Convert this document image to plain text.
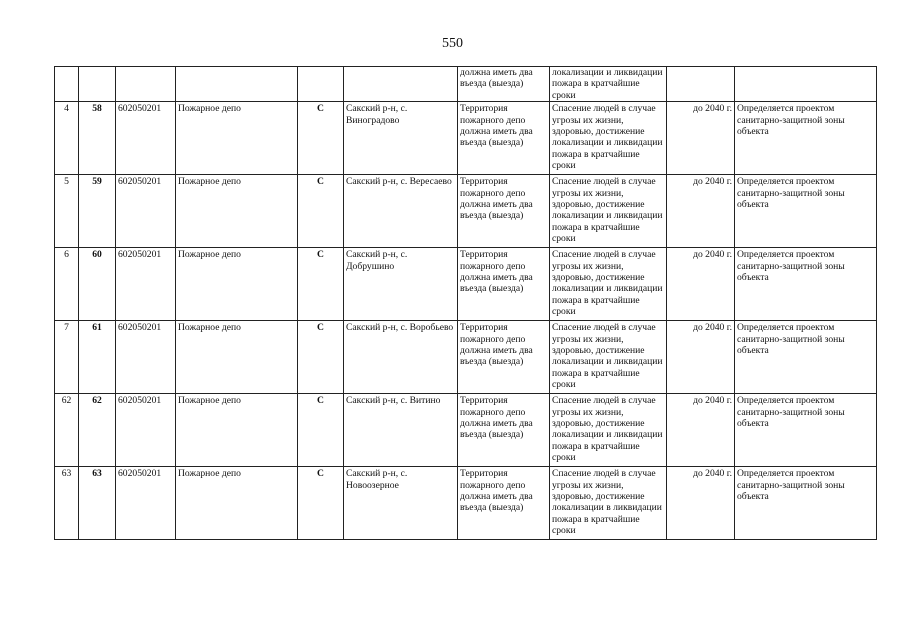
550
						должна иметь два въезда (выезда)	локализации и ликвидации пожара в кратчайшие сроки		
4	58	602050201	Пожарное депо	С	Сакский р-н, с. Виноградово	Территория пожарного депо должна иметь два въезда (выезда)	Спасение людей в случае угрозы их жизни, здоровью, достижение локализации и ликвидации пожара в кратчайшие сроки	до 2040 г.	Определяется проектом санитарно-защитной зоны объекта
5	59	602050201	Пожарное депо	С	Сакский р-н, с. Вересаево	Территория пожарного депо должна иметь два въезда (выезда)	Спасение людей в случае угрозы их жизни, здоровью, достижение локализации и ликвидации пожара в кратчайшие сроки	до 2040 г.	Определяется проектом санитарно-защитной зоны объекта
6	60	602050201	Пожарное депо	С	Сакский р-н, с. Добрушино	Территория пожарного депо должна иметь два въезда (выезда)	Спасение людей в случае угрозы их жизни, здоровью, достижение локализации и ликвидации пожара в кратчайшие сроки	до 2040 г.	Определяется проектом санитарно-защитной зоны объекта
7	61	602050201	Пожарное депо	С	Сакский р-н, с. Воробьево	Территория пожарного депо должна иметь два въезда (выезда)	Спасение людей в случае угрозы их жизни, здоровью, достижение локализации и ликвидации пожара в кратчайшие сроки	до 2040 г.	Определяется проектом санитарно-защитной зоны объекта
62	62	602050201	Пожарное депо	С	Сакский р-н, с. Витино	Территория пожарного депо должна иметь два въезда (выезда)	Спасение людей в случае угрозы их жизни, здоровью, достижение локализации и ликвидации пожара в кратчайшие сроки	до 2040 г.	Определяется проектом санитарно-защитной зоны объекта
63	63	602050201	Пожарное депо	С	Сакский р-н, с. Новоозерное	Территория пожарного депо должна иметь два въезда (выезда)	Спасение людей в случае угрозы их жизни, здоровью, достижение локализации в ликвидации пожара в кратчайшие сроки	до 2040 г.	Определяется проектом санитарно-защитной зоны объекта
